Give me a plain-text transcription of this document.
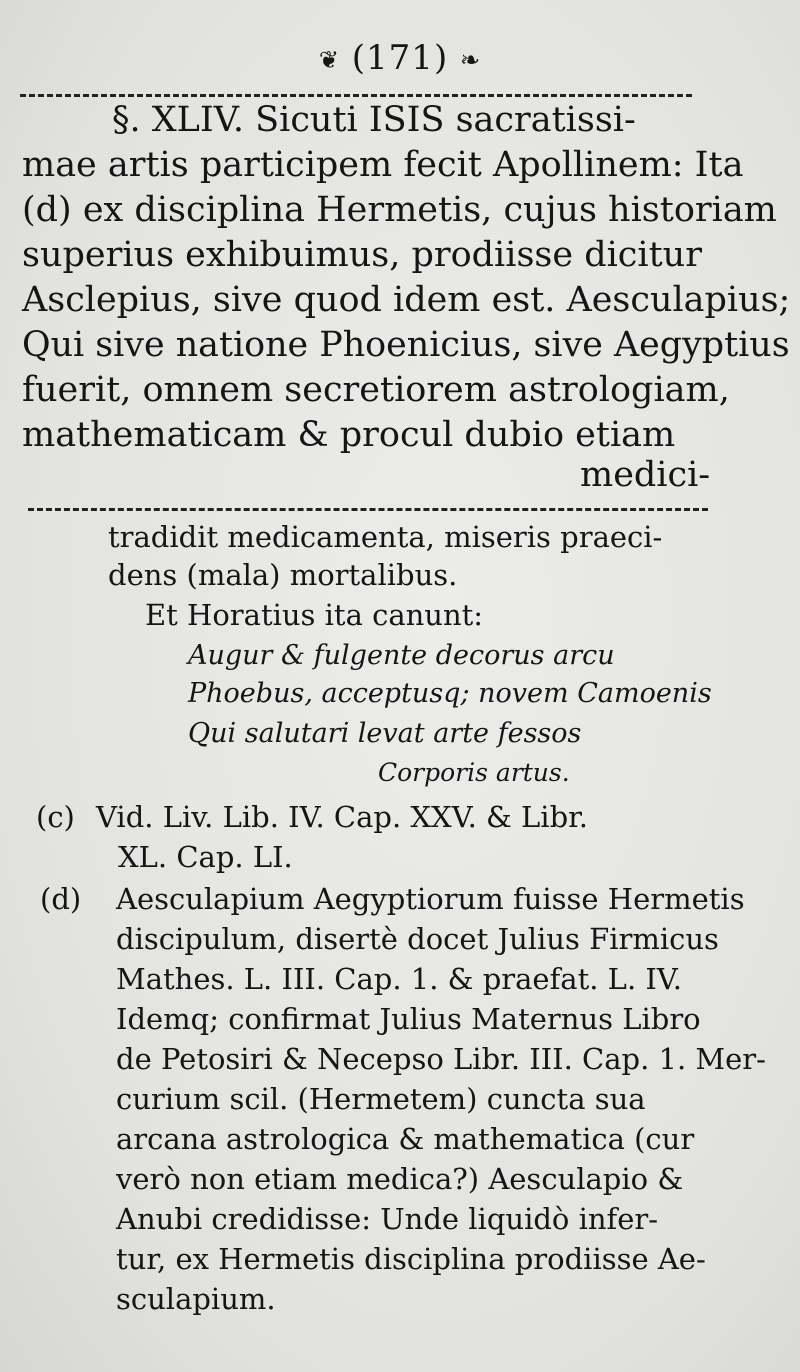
❦ (171) ❧
§. XLIV. Sicuti ISIS sacratissi-
mae artis participem fecit Apollinem: Ita
(d) ex disciplina Hermetis, cujus historiam
superius exhibuimus, prodiisse dicitur
Asclepius, sive quod idem est. Aesculapius;
Qui sive natione Phoenicius, sive Aegyptius
fuerit, omnem secretiorem astrologiam,
mathematicam & procul dubio etiam
medici-
tradidit medicamenta, miseris praeci-
dens (mala) mortalibus.
Et Horatius ita canunt:
Augur & fulgente decorus arcu
Phoebus, acceptusq; novem Camoenis
Qui salutari levat arte fessos
Corporis artus.
(c) Vid. Liv. Lib. IV. Cap. XXV. & Libr.
XL. Cap. LI.
(d) Aesculapium Aegyptiorum fuisse Hermetis
discipulum, disertè docet Julius Firmicus
Mathes. L. III. Cap. 1. & praefat. L. IV.
Idemq; confirmat Julius Maternus Libro
de Petosiri & Necepso Libr. III. Cap. 1. Mer-
curium scil. (Hermetem) cuncta sua
arcana astrologica & mathematica (cur
verò non etiam medica?) Aesculapio &
Anubi credidisse: Unde liquidò infer-
tur, ex Hermetis disciplina prodiisse Ae-
sculapium.
